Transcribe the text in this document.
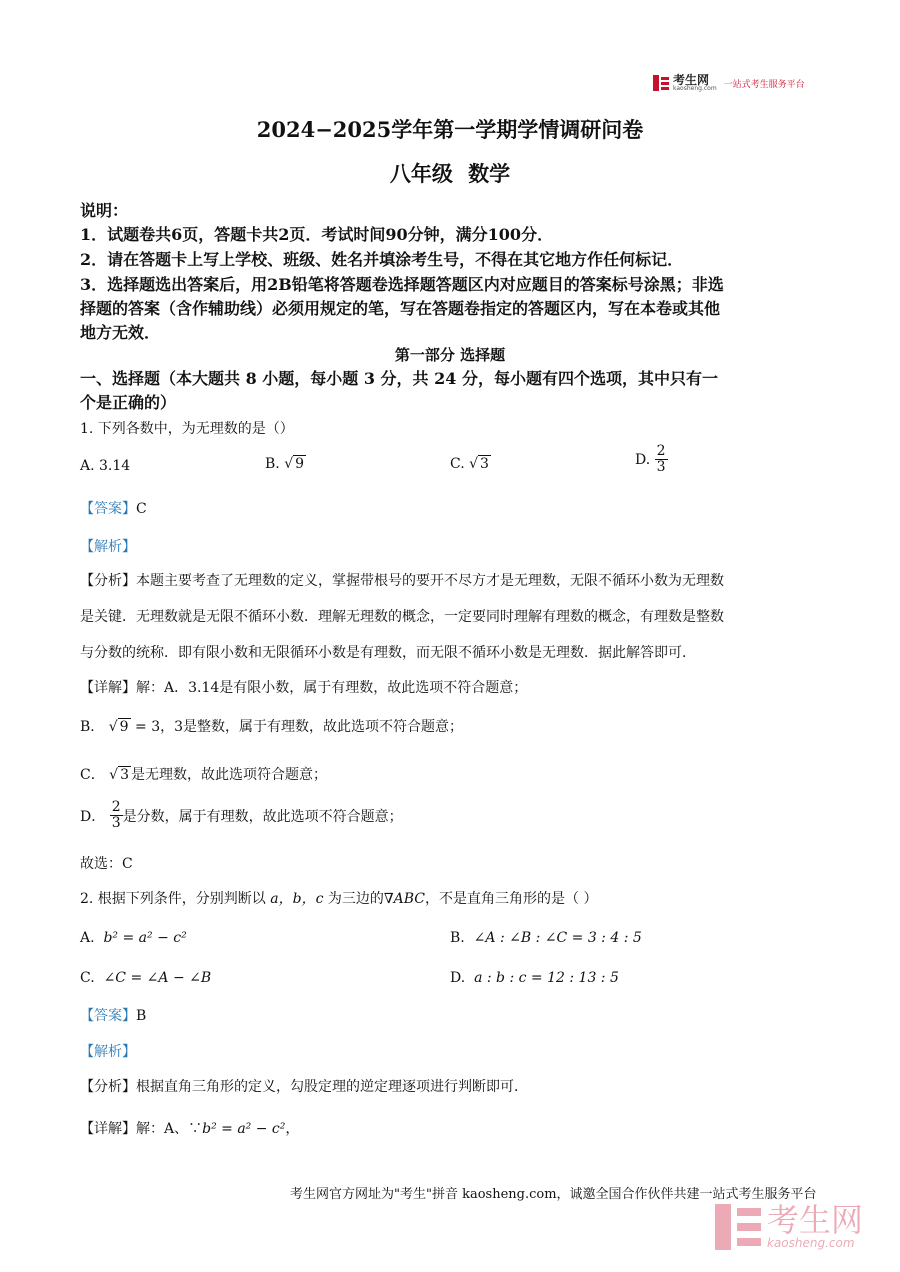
考生网
kaosheng.com 一站式考生服务平台
2024−2025学年第一学期学情调研问卷
八年级 数学
说明：
1．试题卷共6页，答题卡共2页．考试时间90分钟，满分100分．
2．请在答题卡上写上学校、班级、姓名并填涂考生号，不得在其它地方作任何标记．
3．选择题选出答案后，用2B铅笔将答题卷选择题答题区内对应题目的答案标号涂黑；非选
择题的答案（含作辅助线）必须用规定的笔，写在答题卷指定的答题区内，写在本卷或其他
地方无效．
第一部分 选择题
一、选择题（本大题共 8 小题，每小题 3 分，共 24 分，每小题有四个选项，其中只有一
个是正确的）
1. 下列各数中，为无理数的是（）
A. 3.14	B. √ 9	C. √ 3	D. $\frac{2}{3}$
【答案】C
【解析】
【分析】本题主要考查了无理数的定义，掌握带根号的要开不尽方才是无理数，无限不循环小数为无理数
是关键．无理数就是无限不循环小数．理解无理数的概念，一定要同时理解有理数的概念，有理数是整数
与分数的统称．即有限小数和无限循环小数是有理数，而无限不循环小数是无理数．据此解答即可．
【详解】解：A．3.14是有限小数，属于有理数，故此选项不符合题意；
B． √ 9 = 3，3是整数，属于有理数，故此选项不符合题意；
C． √ 3 是无理数，故此选项符合题意；
D． $\frac{2}{3}$ 是分数，属于有理数，故此选项不符合题意；
故选：C
2. 根据下列条件，分别判断以 a，b，c 为三边的∇ABC，不是直角三角形的是（ ）
A. b² = a² − c²	B. ∠A : ∠B : ∠C = 3 : 4 : 5
C. ∠C = ∠A − ∠B	D. a : b : c = 12 : 13 : 5
【答案】B
【解析】
【分析】根据直角三角形的定义，勾股定理的逆定理逐项进行判断即可．
【详解】解：A、∵b² = a² − c²，
考生网官方网址为"考生"拼音 kaosheng.com，诚邀全国合作伙伴共建一站式考生服务平台
考生网
kaosheng.com
